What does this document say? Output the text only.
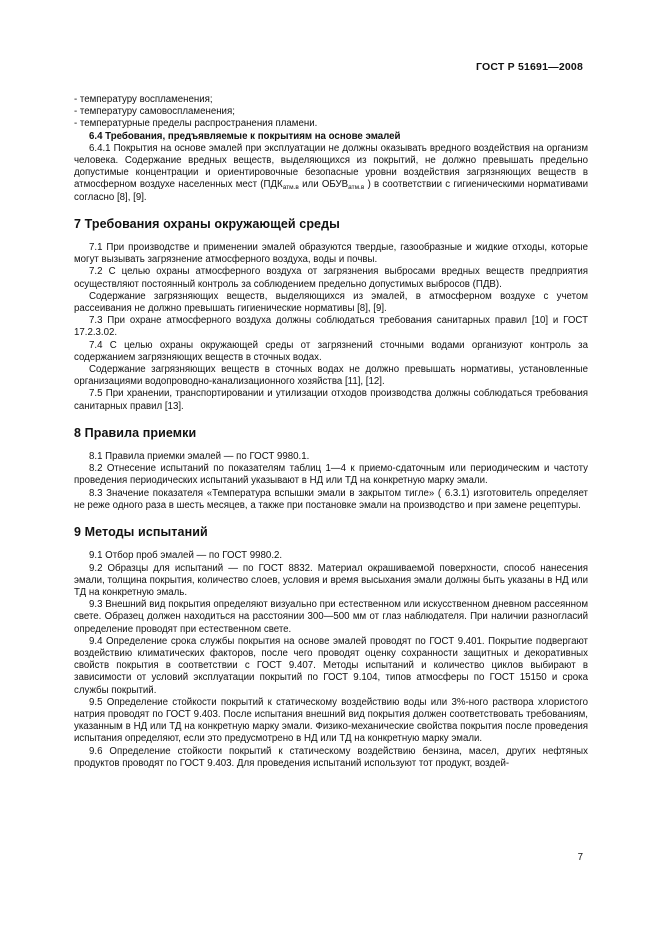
ГОСТ Р 51691—2008

- температуру воспламенения;

- температуру самовоспламенения;

- температурные пределы распространения пламени.

6.4 Требования, предъявляемые к покрытиям на основе эмалей

6.4.1 Покрытия на основе эмалей при эксплуатации не должны оказывать вредного воздействия на организм человека. Содержание вредных веществ, выделяющихся из покрытий, не должно превышать предельно допустимые концентрации и ориентировочные безопасные уровни воздействия загрязняющих веществ в атмосферном воздухе населенных мест ($ПДК_{атм.в}$ или $ОБУВ_{атм.в}$ ) в соответствии с гигиеническими нормативами согласно [8], [9].

7 Требования охраны окружающей среды

7.1 При производстве и применении эмалей образуются твердые, газообразные и жидкие отходы, которые могут вызывать загрязнение атмосферного воздуха, воды и почвы.

7.2 С целью охраны атмосферного воздуха от загрязнения выбросами вредных веществ предприятия осуществляют постоянный контроль за соблюдением предельно допустимых выбросов (ПДВ).

Содержание загрязняющих веществ, выделяющихся из эмалей, в атмосферном воздухе с учетом рассеивания не должно превышать гигиенические нормативы [8], [9].

7.3 При охране атмосферного воздуха должны соблюдаться требования санитарных правил [10] и ГОСТ 17.2.3.02.

7.4 С целью охраны окружающей среды от загрязнений сточными водами организуют контроль за содержанием загрязняющих веществ в сточных водах.

Содержание загрязняющих веществ в сточных водах не должно превышать нормативы, установленные организациями водопроводно-канализационного хозяйства [11], [12].

7.5 При хранении, транспортировании и утилизации отходов производства должны соблюдаться требования санитарных правил [13].

8 Правила приемки

8.1 Правила приемки эмалей — по ГОСТ 9980.1.

8.2 Отнесение испытаний по показателям таблиц 1—4 к приемо-сдаточным или периодическим и частоту проведения периодических испытаний указывают в НД или ТД на конкретную марку эмали.

8.3 Значение показателя «Температура вспышки эмали в закрытом тигле» ( 6.3.1) изготовитель определяет не реже одного раза в шесть месяцев, а также при постановке эмали на производство и при замене рецептуры.

9 Методы испытаний

9.1 Отбор проб эмалей — по ГОСТ 9980.2.

9.2 Образцы для испытаний — по ГОСТ 8832. Материал окрашиваемой поверхности, способ нанесения эмали, толщина покрытия, количество слоев, условия и время высыхания эмали должны быть указаны в НД или ТД на конкретную эмаль.

9.3 Внешний вид покрытия определяют визуально при естественном или искусственном дневном рассеянном свете. Образец должен находиться на расстоянии 300—500 мм от глаз наблюдателя. При наличии разногласий определение проводят при естественном свете.

9.4 Определение срока службы покрытия на основе эмалей проводят по ГОСТ 9.401. Покрытие подвергают воздействию климатических факторов, после чего проводят оценку сохранности защитных и декоративных свойств покрытия в соответствии с ГОСТ 9.407. Методы испытаний и количество циклов выбирают в зависимости от условий эксплуатации покрытий по ГОСТ 9.104, типов атмосферы по ГОСТ 15150 и срока службы покрытий.

9.5 Определение стойкости покрытий к статическому воздействию воды или 3%-ного раствора хлористого натрия проводят по ГОСТ 9.403. После испытания внешний вид покрытия должен соответствовать требованиям, указанным в НД или ТД на конкретную марку эмали. Физико-механические свойства покрытия после проведения испытания определяют, если это предусмотрено в НД или ТД на конкретную марку эмали.

9.6 Определение стойкости покрытий к статическому воздействию бензина, масел, других нефтяных продуктов проводят по ГОСТ 9.403. Для проведения испытаний используют тот продукт, воздей-

7
